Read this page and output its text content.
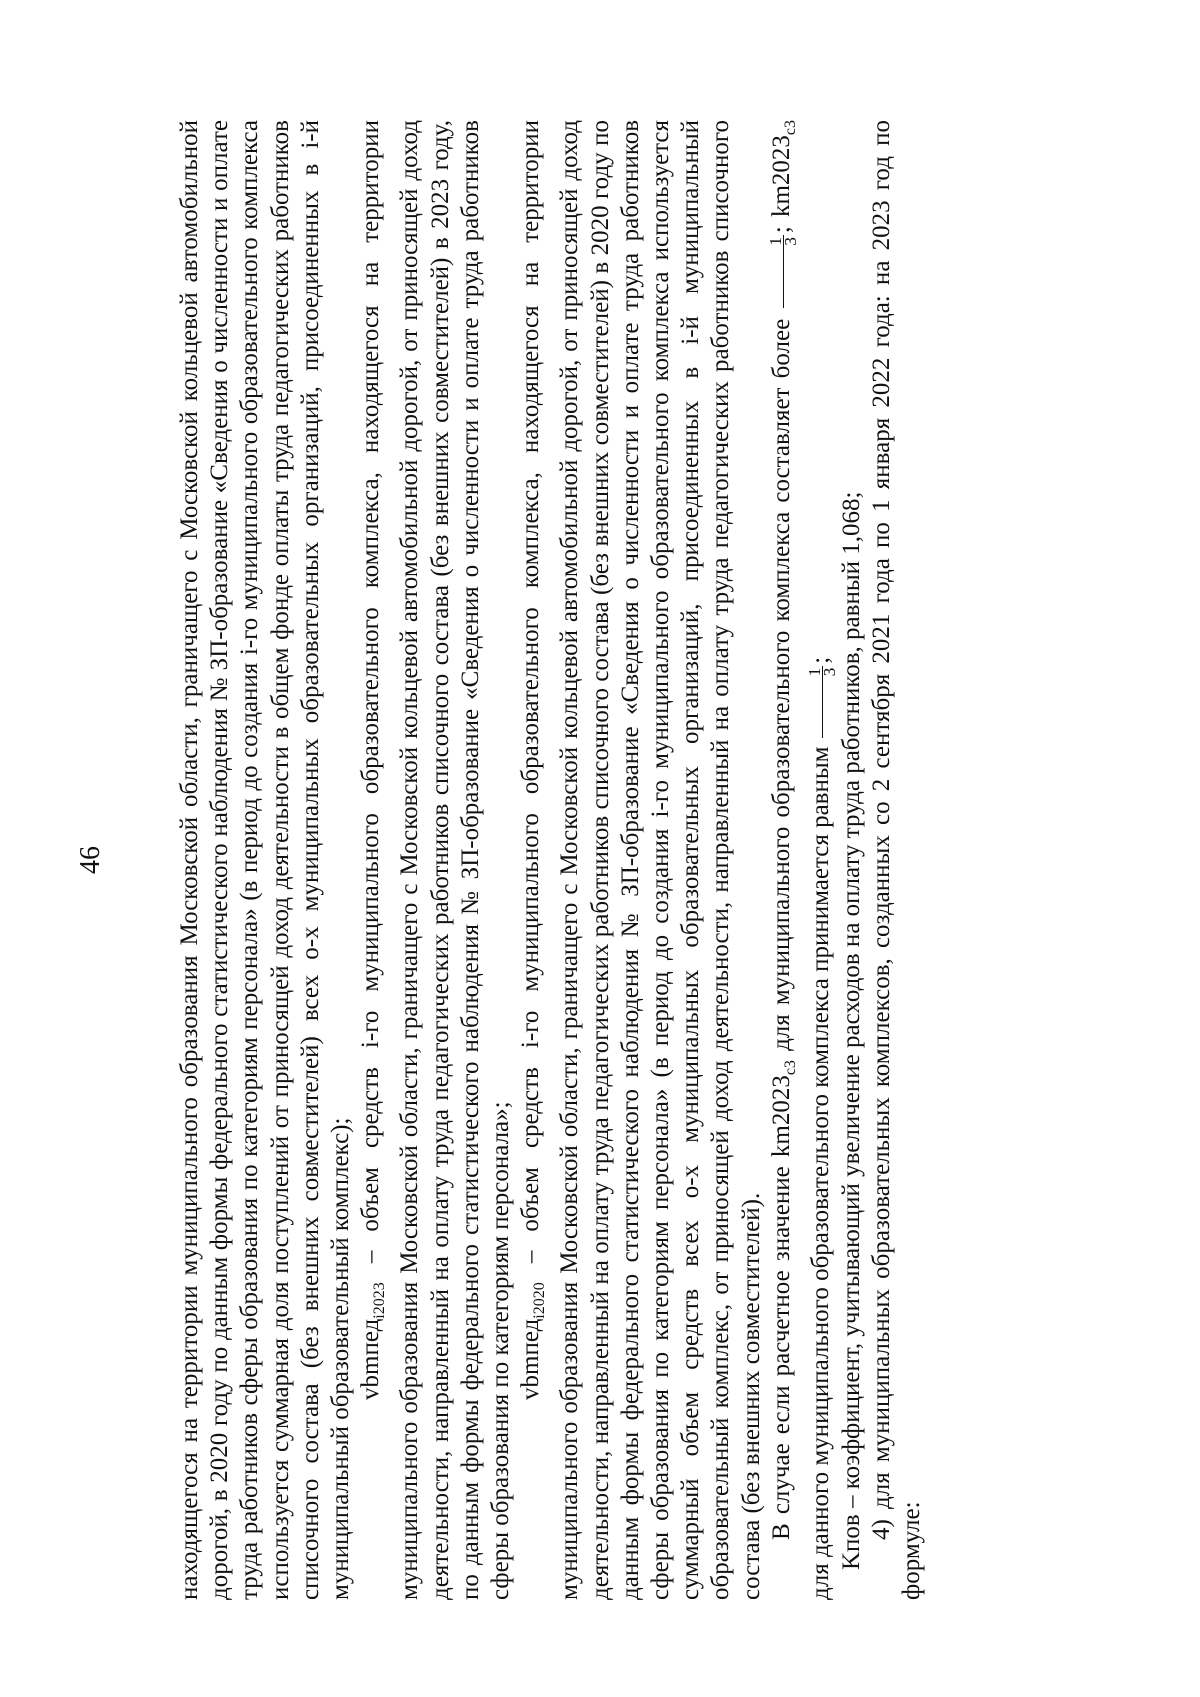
46	находящегося на территории муниципального образования Московской области, граничащего с Московской кольцевой автомобильной дорогой, в 2020 году по данным формы федерального статистического наблюдения № ЗП-образование «Сведения о численности и оплате труда работников сферы образования по категориям персонала» (в период до создания i-го муниципального образовательного комплекса используется суммарная доля поступлений от приносящей доход деятельности в общем фонде оплаты труда педагогических работников списочного состава (без внешних совместителей) всех о-х муниципальных образовательных организаций, присоединенных в i-й муниципальный образовательный комплекс); vbmпед$_{i2023}$ – объем средств i-го муниципального образовательного комплекса, находящегося на территории муниципального образования Московской области, граничащего с Московской кольцевой автомобильной дорогой, от приносящей доход деятельности, направленный на оплату труда педагогических работников списочного состава (без внешних совместителей) в 2023 году, по данным формы федерального статистического наблюдения № ЗП-образование «Сведения о численности и оплате труда работников сферы образования по категориям персонала»; vbmпед$_{i2020}$ – объем средств i-го муниципального образовательного комплекса, находящегося на территории муниципального образования Московской области, граничащего с Московской кольцевой автомобильной дорогой, от приносящей доход деятельности, направленный на оплату труда педагогических работников списочного состава (без внешних совместителей) в 2020 году по данным формы федерального статистического наблюдения № ЗП-образование «Сведения о численности и оплате труда работников сферы образования по категориям персонала» (в период до создания i-го муниципального образовательного комплекса используется суммарный объем средств всех о-х муниципальных образовательных организаций, присоединенных в i-й муниципальный образовательный комплекс, от приносящей доход деятельности, направленный на оплату труда педагогических работников списочного состава (без внешних совместителей). В случае если расчетное значение $km2023_{c3}$ для муниципального образовательного комплекса составляет более
1
3
; $km2023_{c3}$ для данного муниципального образовательного комплекса принимается равным
1
3
; Kпов – коэффициент, учитывающий увеличение расходов на оплату труда работников, равный 1,068; 4) для муниципальных образовательных комплексов, созданных со 2 сентября 2021 года по 1 января 2022 года: на 2023 год по формуле:
